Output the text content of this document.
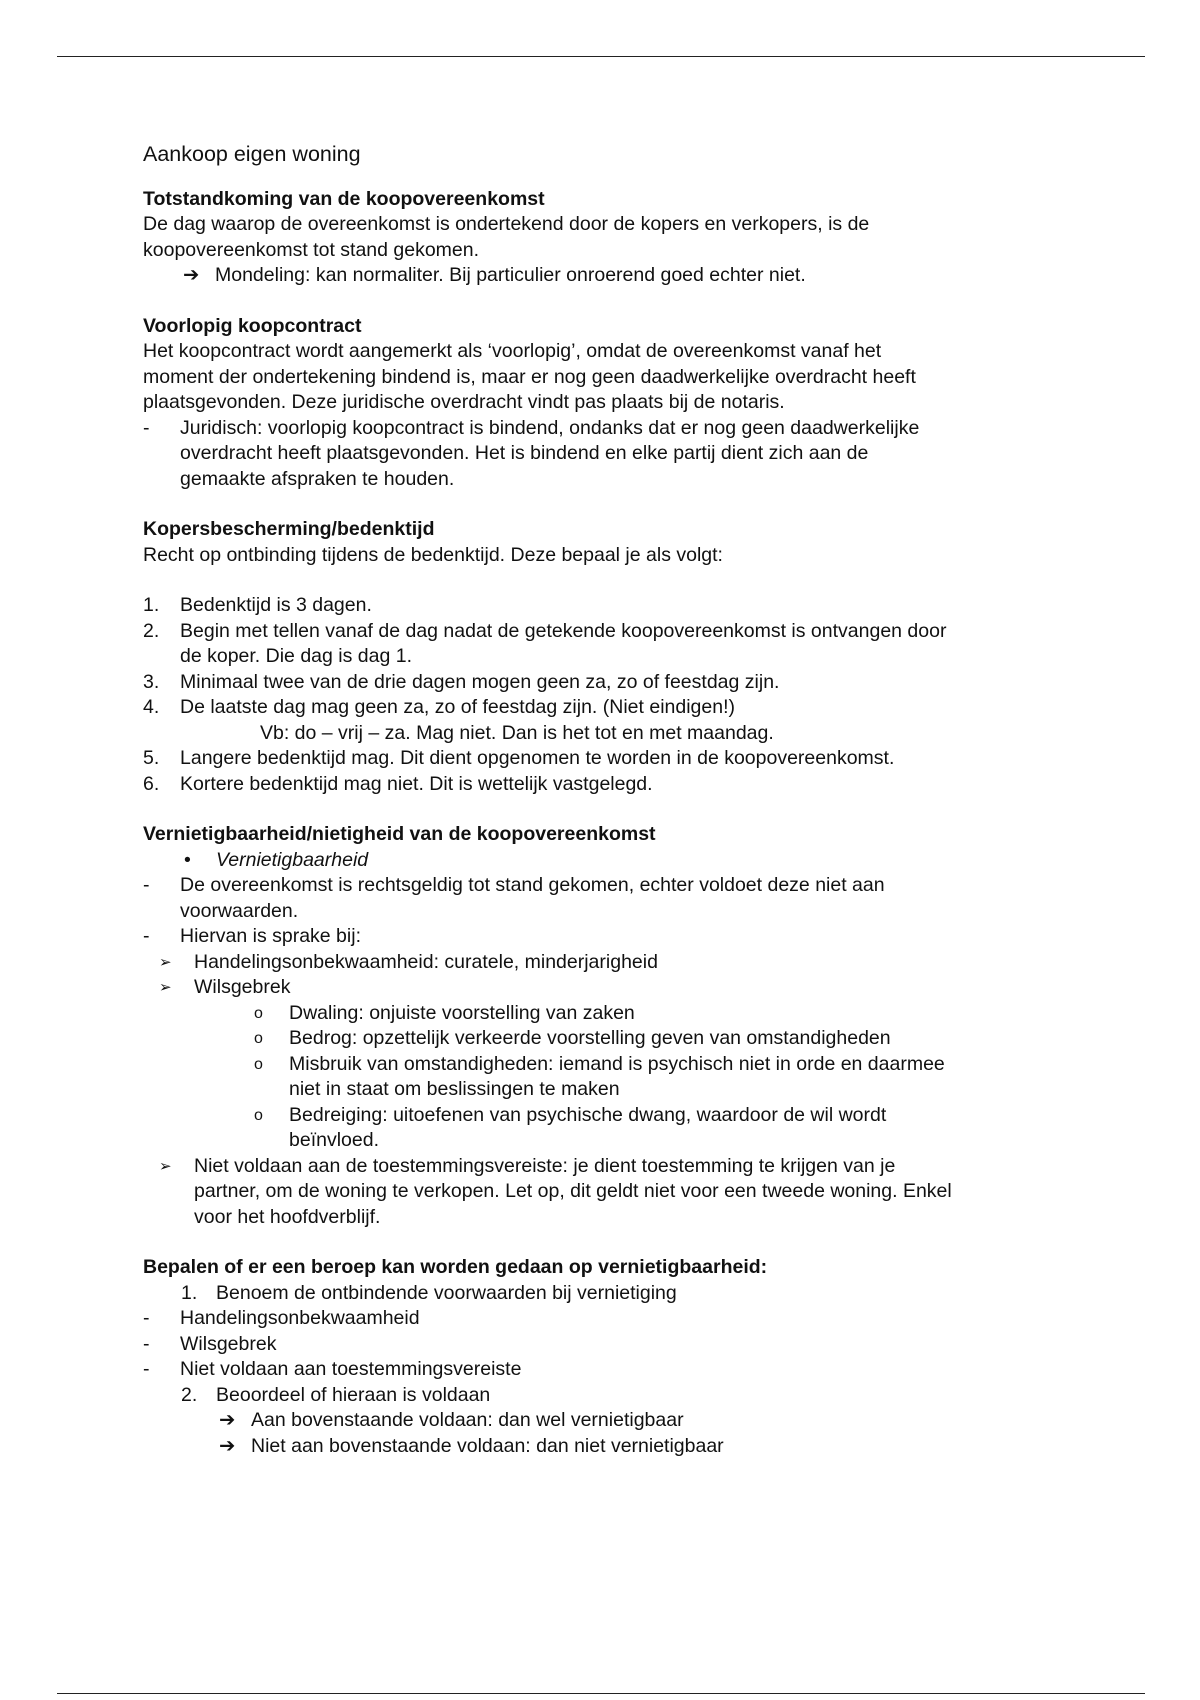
Aankoop eigen woning
Totstandkoming van de koopovereenkomst

De dag waarop de overeenkomst is ondertekend door de kopers en verkopers, is de

koopovereenkomst tot stand gekomen.

➔ Mondeling: kan normaliter. Bij particulier onroerend goed echter niet.
Voorlopig koopcontract

Het koopcontract wordt aangemerkt als ‘voorlopig’, omdat de overeenkomst vanaf het

moment der ondertekening bindend is, maar er nog geen daadwerkelijke overdracht heeft

plaatsgevonden. Deze juridische overdracht vindt pas plaats bij de notaris.

- Juridisch: voorlopig koopcontract is bindend, ondanks dat er nog geen daadwerkelijke
overdracht heeft plaatsgevonden. Het is bindend en elke partij dient zich aan de
gemaakte afspraken te houden.
Kopersbescherming/bedenktijd

Recht op ontbinding tijdens de bedenktijd. Deze bepaal je als volgt:

1. Bedenktijd is 3 dagen.
2. Begin met tellen vanaf de dag nadat de getekende koopovereenkomst is ontvangen door
de koper. Die dag is dag 1.
3. Minimaal twee van de drie dagen mogen geen za, zo of feestdag zijn.
4. De laatste dag mag geen za, zo of feestdag zijn. (Niet eindigen!)
Vb: do – vrij – za. Mag niet. Dan is het tot en met maandag.
5. Langere bedenktijd mag. Dit dient opgenomen te worden in de koopovereenkomst.
6. Kortere bedenktijd mag niet. Dit is wettelijk vastgelegd.
Vernietigbaarheid/nietigheid van de koopovereenkomst
• Vernietigbaarheid
- De overeenkomst is rechtsgeldig tot stand gekomen, echter voldoet deze niet aan
voorwaarden.
- Hiervan is sprake bij:
➢ Handelingsonbekwaamheid: curatele, minderjarigheid
➢ Wilsgebrek
o Dwaling: onjuiste voorstelling van zaken
o Bedrog: opzettelijk verkeerde voorstelling geven van omstandigheden
o Misbruik van omstandigheden: iemand is psychisch niet in orde en daarmee
niet in staat om beslissingen te maken
o Bedreiging: uitoefenen van psychische dwang, waardoor de wil wordt
beïnvloed.
➢ Niet voldaan aan de toestemmingsvereiste: je dient toestemming te krijgen van je
partner, om de woning te verkopen. Let op, dit geldt niet voor een tweede woning. Enkel
voor het hoofdverblijf.
Bepalen of er een beroep kan worden gedaan op vernietigbaarheid:
1. Benoem de ontbindende voorwaarden bij vernietiging
- Handelingsonbekwaamheid
- Wilsgebrek
- Niet voldaan aan toestemmingsvereiste
2. Beoordeel of hieraan is voldaan
➔ Aan bovenstaande voldaan: dan wel vernietigbaar
➔ Niet aan bovenstaande voldaan: dan niet vernietigbaar
